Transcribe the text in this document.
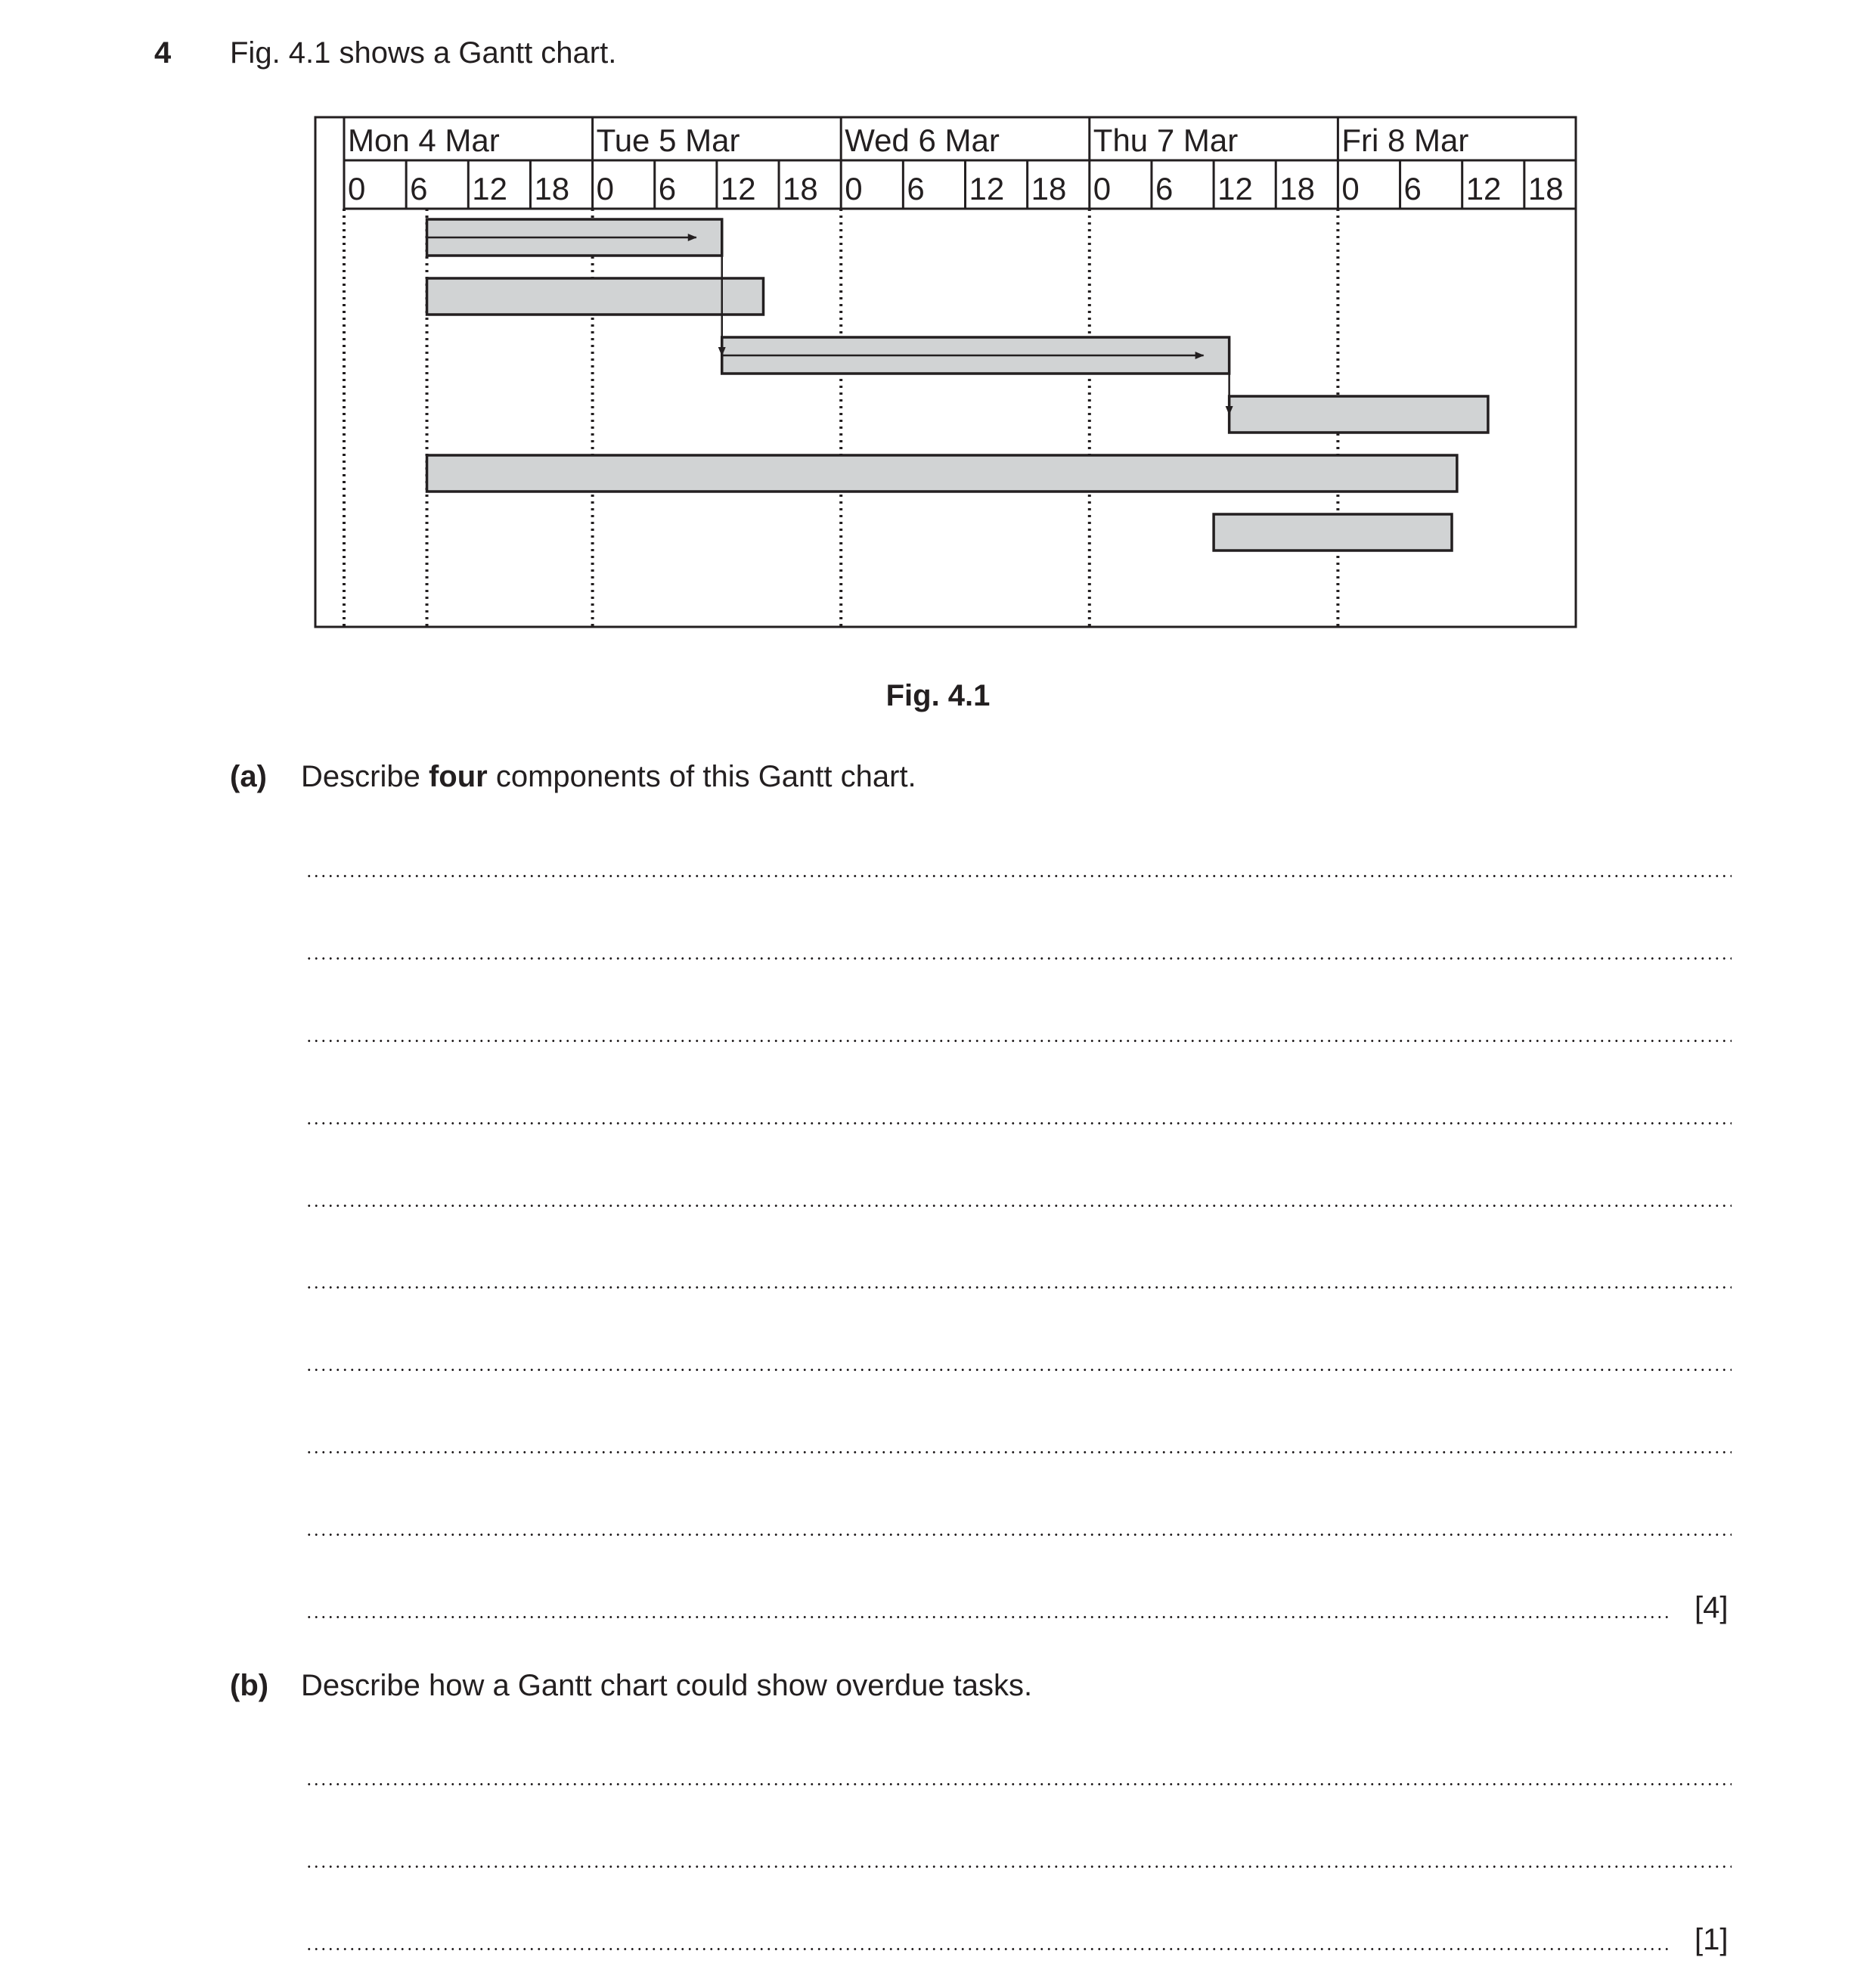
4 Fig. 4.1 shows a Gantt chart.
Mon 4 Mar
0 6 12 18
Tue 5 Mar
0 6 12 18
Wed 6 Mar
0 6 12 18
Thu 7 Mar
0 6 12 18
Fri 8 Mar
0 6 12 18
Fig. 4.1
(a) Describe four components of this Gantt chart.
[4]
(b) Describe how a Gantt chart could show overdue tasks.
[1]
